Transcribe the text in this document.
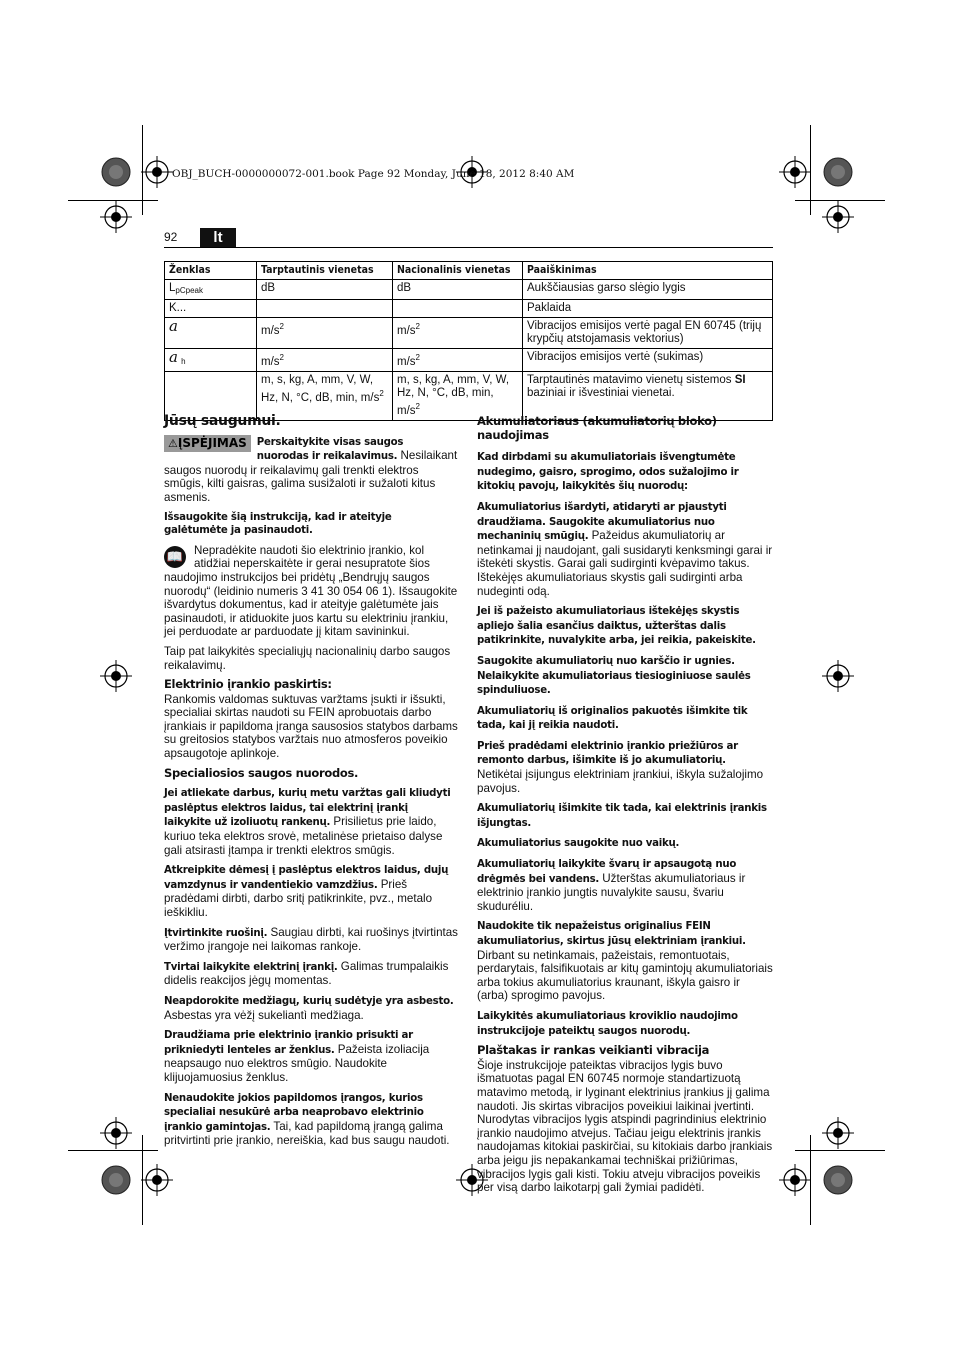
OBJ_BUCH-0000000072-001.book Page 92 Monday, June 18, 2012 8:40 AM
92	lt
Ženklas	Tarptautinis vienetas	Nacionalinis vienetas	Paaiškinimas
$L_{pCpeak}$	dB	dB	Aukščiausias garso slėgio lygis
K...			Paklaida
a	$m/s^2$	$m/s^2$	Vibracijos emisijos vertė pagal EN 60745 (trijų krypčių atstojamasis vektorius)
a $_h$	$m/s^2$	$m/s^2$	Vibracijos emisijos vertė (sukimas)
	m, s, kg, A, mm, V, W, Hz, N, °C, dB, min, $m/s^2$	m, s, kg, A, mm, V, W, Hz, N, °C, dB, min, $m/s^2$	Tarptautinės matavimo vienetų sistemos SI baziniai ir išvestiniai vienetai.
Jūsų saugumui.

⚠ĮSPĖJIMAS Perskaitykite visas saugos nuorodas ir reikalavimus. Nesilaikant saugos nuorodų ir reikalavimų gali trenkti elektros smūgis, kilti gaisras, galima susižaloti ir sužaloti kitus asmenis.

Išsaugokite šią instrukciją, kad ir ateityje galėtumėte ja pasinaudoti.

📖 Nepradėkite naudoti šio elektrinio įrankio, kol atidžiai neperskaitėte ir gerai nesupratote šios naudojimo instrukcijos bei pridėtų „Bendrųjų saugos nuorodų“ (leidinio numeris 3 41 30 054 06 1). Išsaugokite išvardytus dokumentus, kad ir ateityje galėtumėte jais pasinaudoti, ir atiduokite juos kartu su elektriniu įrankiu, jei perduodate ar parduodate jį kitam savininkui.

Taip pat laikykitės specialiųjų nacionalinių darbo saugos reikalavimų.

Elektrinio įrankio paskirtis:

Rankomis valdomas suktuvas varžtams įsukti ir išsukti, specialiai skirtas naudoti su FEIN aprobuotais darbo įrankiais ir papildoma įranga sausosios statybos darbams su greitosios statybos varžtais nuo atmosferos poveikio apsaugotoje aplinkoje.

Specialiosios saugos nuorodos.

Jei atliekate darbus, kurių metu varžtas gali kliudyti paslėptus elektros laidus, tai elektrinį įrankį laikykite už izoliuotų rankenų. Prisilietus prie laido, kuriuo teka elektros srovė, metalinėse prietaiso dalyse gali atsirasti įtampa ir trenkti elektros smūgis.

Atkreipkite dėmesį į paslėptus elektros laidus, dujų vamzdynus ir vandentiekio vamzdžius. Prieš pradėdami dirbti, darbo sritį patikrinkite, pvz., metalo ieškikliu.

Įtvirtinkite ruošinį. Saugiau dirbti, kai ruošinys įtvirtintas veržimo įrangoje nei laikomas rankoje.

Tvirtai laikykite elektrinį įrankį. Galimas trumpalaikis didelis reakcijos jėgų momentas.

Neapdorokite medžiagų, kurių sudėtyje yra asbesto. Asbestas yra vėžį sukeliantì medžiaga.

Draudžiama prie elektrinio įrankio prisukti ar prikniedyti lenteles ar ženklus. Pažeista izoliacija neapsaugo nuo elektros smūgio. Naudokite klijuojamuosius ženklus.

Nenaudokite jokios papildomos įrangos, kurios specialiai nesukūrė arba neaprobavo elektrinio įrankio gamintojas. Tai, kad papildomą įrangą galima pritvirtinti prie įrankio, nereiškia, kad bus saugu naudoti.

Akumuliatoriaus (akumuliatorių bloko) naudojimas

Kad dirbdami su akumuliatoriais išvengtumėte nudegimo, gaisro, sprogimo, odos sužalojimo ir kitokių pavojų, laikykitės šių nuorodų:

Akumuliatorius išardyti, atidaryti ar pjaustyti draudžiama. Saugokite akumuliatorius nuo mechaninių smūgių. Pažeidus akumuliatorių ar netinkamai jį naudojant, gali susidaryti kenksmingi garai ir ištekėti skystis. Garai gali sudirginti kvėpavimo takus. Ištekėjęs akumuliatoriaus skystis gali sudirginti arba nudeginti odą.

Jei iš pažeisto akumuliatoriaus ištekėjęs skystis apliejo šalia esančius daiktus, užterštas dalis patikrinkite, nuvalykite arba, jei reikia, pakeiskite.

Saugokite akumuliatorių nuo karščio ir ugnies. Nelaikykite akumuliatoriaus tiesioginiuose saulės spinduliuose.

Akumuliatorių iš originalios pakuotės išimkite tik tada, kai jį reikia naudoti.

Prieš pradėdami elektrinio įrankio priežiūros ar remonto darbus, išimkite iš jo akumuliatorių. Netikėtai įsijungus elektriniam įrankiui, iškyla sužalojimo pavojus.

Akumuliatorių išimkite tik tada, kai elektrinis įrankis išjungtas.

Akumuliatorius saugokite nuo vaikų.

Akumuliatorių laikykite švarų ir apsaugotą nuo drėgmės bei vandens. Užterštas akumuliatoriaus ir elektrinio įrankio jungtis nuvalykite sausu, švariu skuduréliu.

Naudokite tik nepažeistus originalius FEIN akumuliatorius, skirtus jūsų elektriniam įrankiui. Dirbant su netinkamais, pažeistais, remontuotais, perdarytais, falsifikuotais ar kitų gamintojų akumuliatoriais arba tokius akumuliatorius kraunant, iškyla gaisro ir (arba) sprogimo pavojus.

Laikykitės akumuliatoriaus kroviklio naudojimo instrukcijoje pateiktų saugos nuorodų.

Plaštakas ir rankas veikianti vibracija

Šioje instrukcijoje pateiktas vibracijos lygis buvo išmatuotas pagal EN 60745 normoje standartizuotą matavimo metodą, ir lyginant elektrinius įrankius jį galima naudoti. Jis skirtas vibracijos poveikiui laikinai įvertinti. Nurodytas vibracijos lygis atspindi pagrindinius elektrinio įrankio naudojimo atvejus. Tačiau jeigu elektrinis įrankis naudojamas kitokiai paskirčiai, su kitokiais darbo įrankiais arba jeigu jis nepakankamai techniškai prižiūrimas, vibracijos lygis gali kisti. Tokiu atveju vibracijos poveikis per visą darbo laikotarpį gali žymiai padidėti.
